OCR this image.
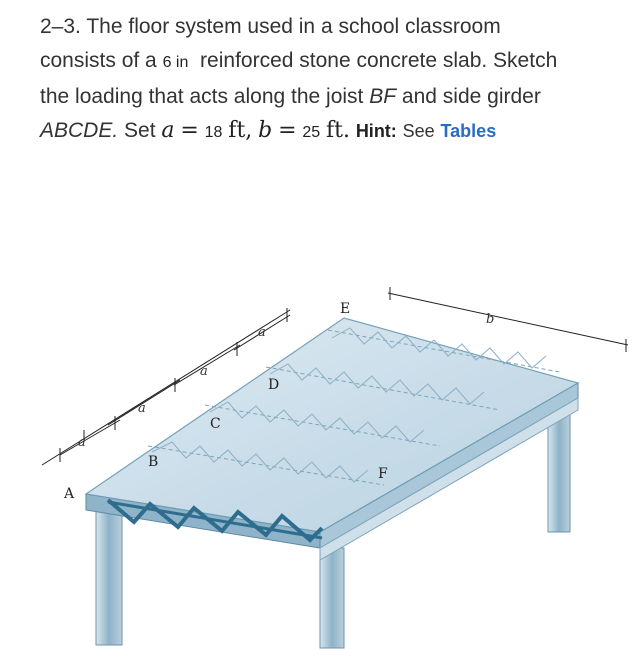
2–3. The floor system used in a school classroom
consists of a 6 in reinforced stone concrete slab. Sketch
the loading that acts along the joist BF and side girder
ABCDE. Set a = 18 ft, b = 25 ft. Hint: See Tables
A
B
C
D
E
F
a
a
a
a
b
